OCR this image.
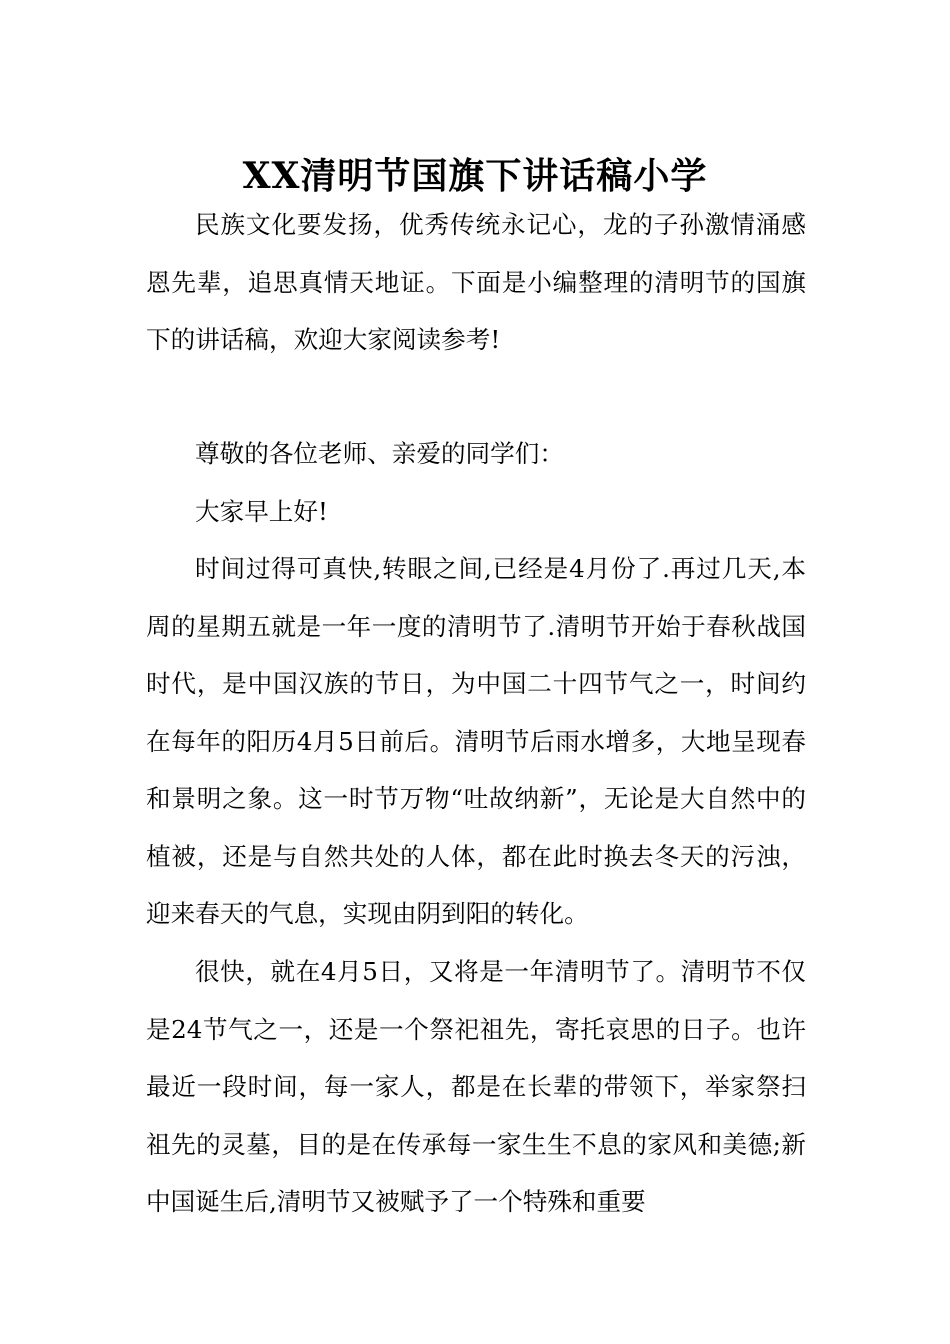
XX清明节国旗下讲话稿小学

民族文化要发扬，优秀传统永记心，龙的子孙激情涌感恩先辈，追思真情天地证。下面是小编整理的清明节的国旗下的讲话稿，欢迎大家阅读参考!

尊敬的各位老师、亲爱的同学们：

大家早上好!

时间过得可真快,转眼之间,已经是4月份了.再过几天,本周的星期五就是一年一度的清明节了.清明节开始于春秋战国时代，是中国汉族的节日，为中国二十四节气之一，时间约在每年的阳历4月5日前后。清明节后雨水增多，大地呈现春和景明之象。这一时节万物“吐故纳新”，无论是大自然中的植被，还是与自然共处的人体，都在此时换去冬天的污浊，迎来春天的气息，实现由阴到阳的转化。

很快，就在4月5日，又将是一年清明节了。清明节不仅是24节气之一，还是一个祭祀祖先，寄托哀思的日子。也许最近一段时间，每一家人，都是在长辈的带领下，举家祭扫祖先的灵墓，目的是在传承每一家生生不息的家风和美德;新中国诞生后,清明节又被赋予了一个特殊和重要
